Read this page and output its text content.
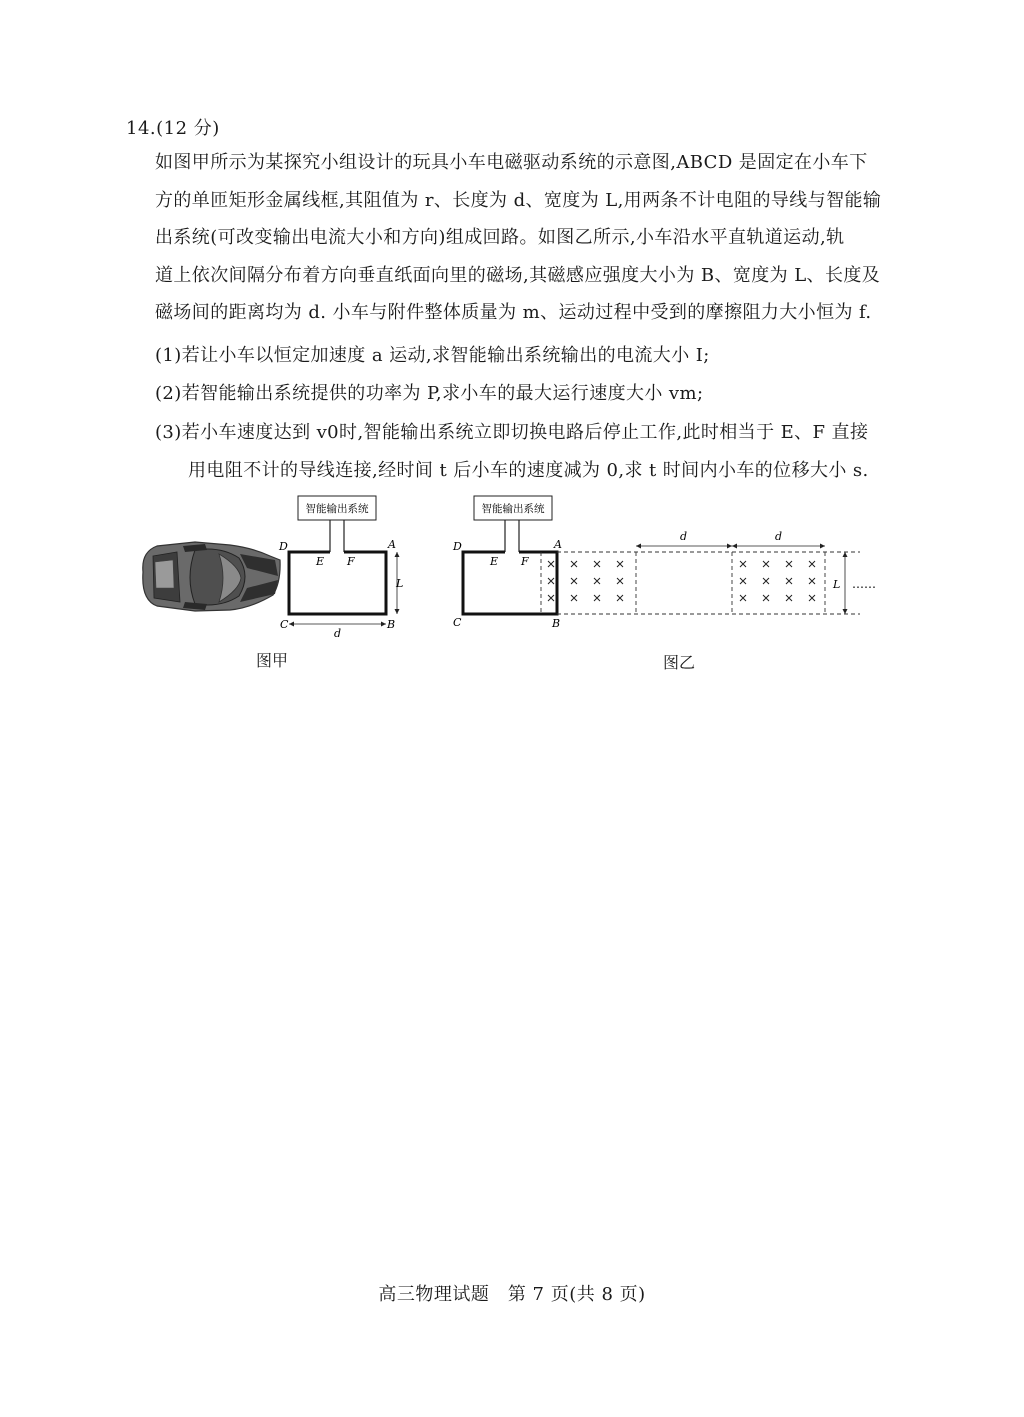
14.(12 分)
如图甲所示为某探究小组设计的玩具小车电磁驱动系统的示意图,ABCD 是固定在小车下
方的单匝矩形金属线框,其阻值为 r、长度为 d、宽度为 L,用两条不计电阻的导线与智能输
出系统(可改变输出电流大小和方向)组成回路。如图乙所示,小车沿水平直轨道运动,轨
道上依次间隔分布着方向垂直纸面向里的磁场,其磁感应强度大小为 B、宽度为 L、长度及
磁场间的距离均为 d. 小车与附件整体质量为 m、运动过程中受到的摩擦阻力大小恒为 f.
(1)若让小车以恒定加速度 a 运动,求智能输出系统输出的电流大小 I;
(2)若智能输出系统提供的功率为 P,求小车的最大运行速度大小 vm;
(3)若小车速度达到 v0时,智能输出系统立即切换电路后停止工作,此时相当于 E、F 直接
用电阻不计的导线连接,经时间 t 后小车的速度减为 0,求 t 时间内小车的位移大小 s.
智能输出系统
D	A
C	B
E F
L
d
图甲
智能输出系统
D	A
C	B
E F
d	d
L ……
图乙
高三物理试题　第 7 页(共 8 页)
